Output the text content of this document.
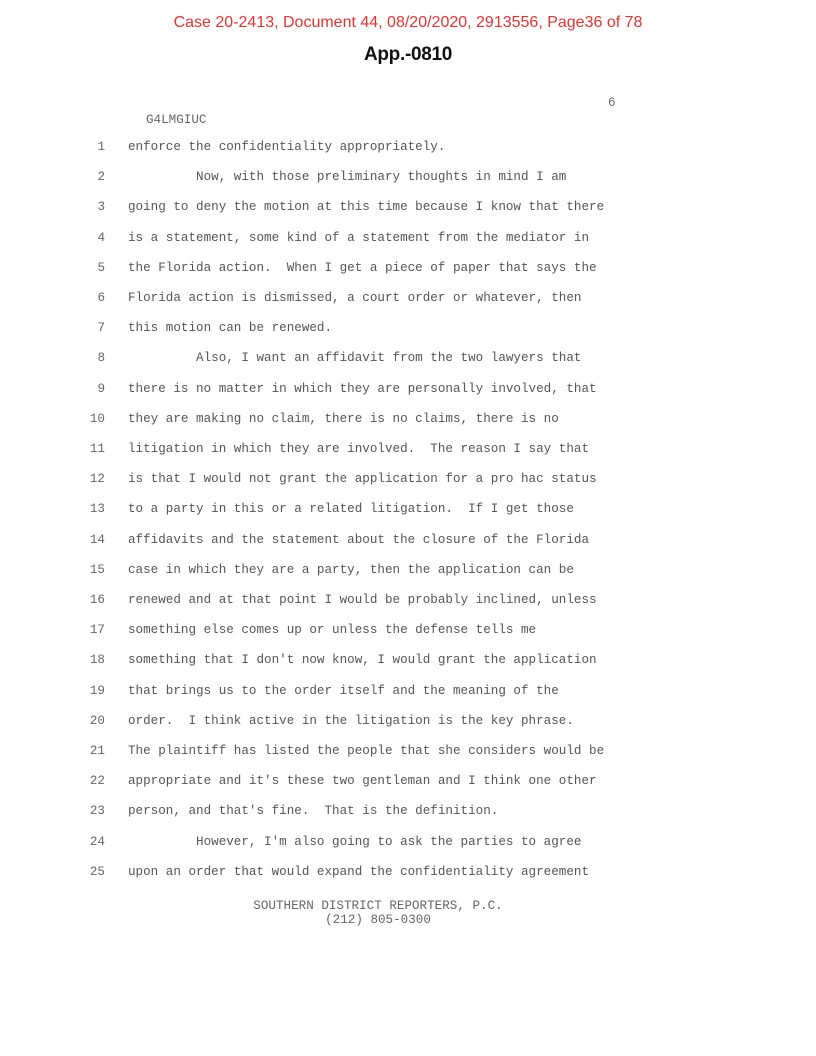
Case 20-2413, Document 44, 08/20/2020, 2913556, Page36 of 78
App.-0810
6
G4LMGIUC
1 enforce the confidentiality appropriately.
2 Now, with those preliminary thoughts in mind I am
3 going to deny the motion at this time because I know that there
4 is a statement, some kind of a statement from the mediator in
5 the Florida action.  When I get a piece of paper that says the
6 Florida action is dismissed, a court order or whatever, then
7 this motion can be renewed.
8 Also, I want an affidavit from the two lawyers that
9 there is no matter in which they are personally involved, that
10 they are making no claim, there is no claims, there is no
11 litigation in which they are involved.  The reason I say that
12 is that I would not grant the application for a pro hac status
13 to a party in this or a related litigation.  If I get those
14 affidavits and the statement about the closure of the Florida
15 case in which they are a party, then the application can be
16 renewed and at that point I would be probably inclined, unless
17 something else comes up or unless the defense tells me
18 something that I don't now know, I would grant the application
19 that brings us to the order itself and the meaning of the
20 order.  I think active in the litigation is the key phrase.
21 The plaintiff has listed the people that she considers would be
22 appropriate and it's these two gentleman and I think one other
23 person, and that's fine.  That is the definition.
24 However, I'm also going to ask the parties to agree
25 upon an order that would expand the confidentiality agreement
SOUTHERN DISTRICT REPORTERS, P.C.
(212) 805-0300
